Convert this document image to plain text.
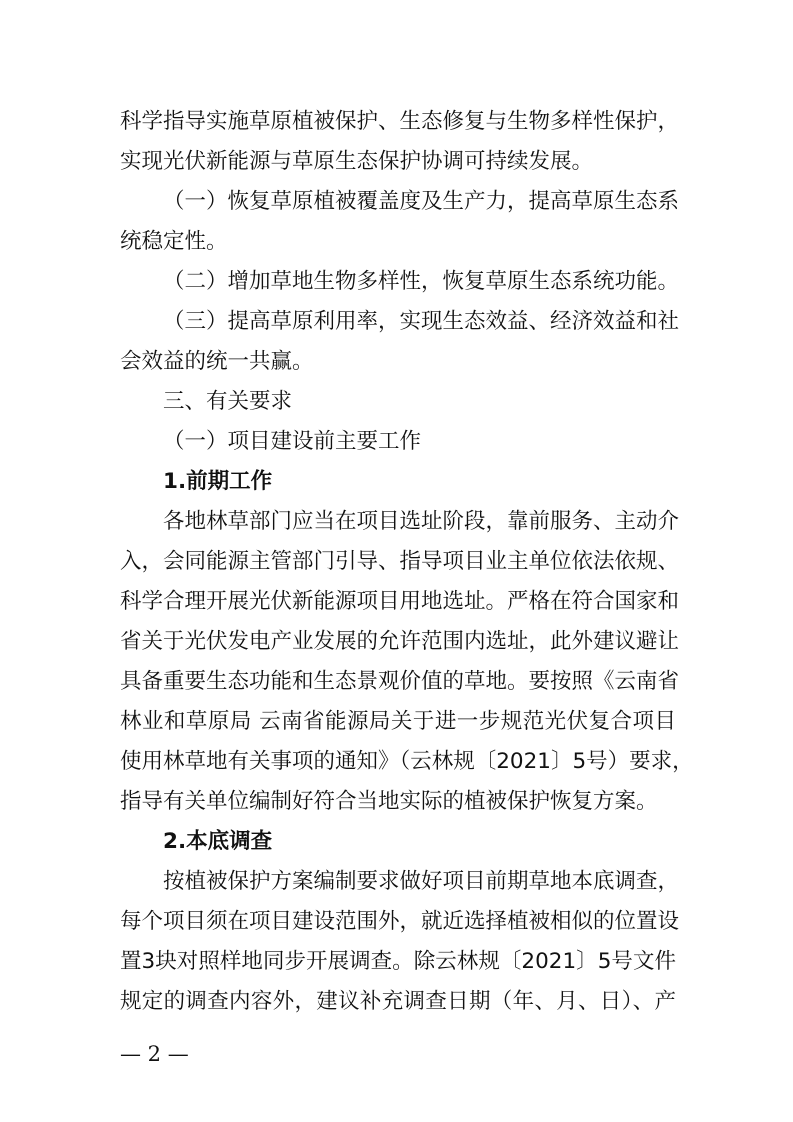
科学指导实施草原植被保护、生态修复与生物多样性保护，
实现光伏新能源与草原生态保护协调可持续发展。
（一）恢复草原植被覆盖度及生产力，提高草原生态系
统稳定性。
（二）增加草地生物多样性，恢复草原生态系统功能。
（三）提高草原利用率，实现生态效益、经济效益和社
会效益的统一共赢。
三、有关要求
（一）项目建设前主要工作
1.前期工作
各地林草部门应当在项目选址阶段，靠前服务、主动介
入，会同能源主管部门引导、指导项目业主单位依法依规、
科学合理开展光伏新能源项目用地选址。严格在符合国家和
省关于光伏发电产业发展的允许范围内选址，此外建议避让
具备重要生态功能和生态景观价值的草地。要按照《云南省
林业和草原局 云南省能源局关于进一步规范光伏复合项目
使用林草地有关事项的通知》（云林规〔2021〕5号）要求，
指导有关单位编制好符合当地实际的植被保护恢复方案。
2.本底调查
按植被保护方案编制要求做好项目前期草地本底调查，
每个项目须在项目建设范围外，就近选择植被相似的位置设
置3块对照样地同步开展调查。除云林规〔2021〕5号文件
规定的调查内容外，建议补充调查日期（年、月、日）、产
— 2 —
